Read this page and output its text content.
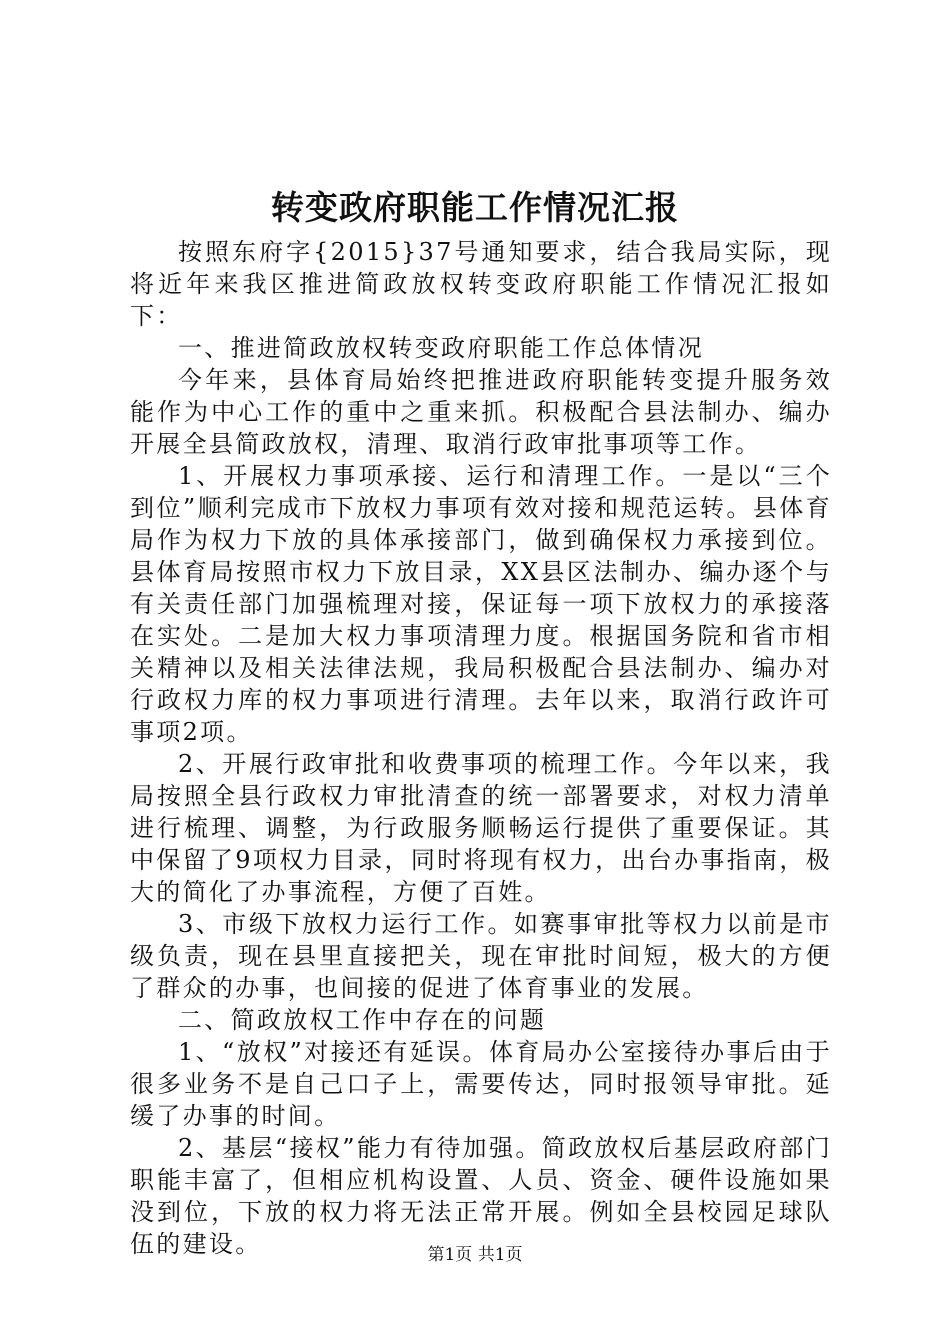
转变政府职能工作情况汇报

按照东府字{2015}37号通知要求，结合我局实际，现将近年来我区推进简政放权转变政府职能工作情况汇报如下：

一、推进简政放权转变政府职能工作总体情况

今年来，县体育局始终把推进政府职能转变提升服务效能作为中心工作的重中之重来抓。积极配合县法制办、编办开展全县简政放权，清理、取消行政审批事项等工作。

1、开展权力事项承接、运行和清理工作。一是以“三个到位”顺利完成市下放权力事项有效对接和规范运转。县体育局作为权力下放的具体承接部门，做到确保权力承接到位。县体育局按照市权力下放目录，XX县区法制办、编办逐个与有关责任部门加强梳理对接，保证每一项下放权力的承接落在实处。二是加大权力事项清理力度。根据国务院和省市相关精神以及相关法律法规，我局积极配合县法制办、编办对行政权力库的权力事项进行清理。去年以来，取消行政许可事项2项。

2、开展行政审批和收费事项的梳理工作。今年以来，我局按照全县行政权力审批清查的统一部署要求，对权力清单进行梳理、调整，为行政服务顺畅运行提供了重要保证。其中保留了9项权力目录，同时将现有权力，出台办事指南，极大的简化了办事流程，方便了百姓。

3、市级下放权力运行工作。如赛事审批等权力以前是市级负责，现在县里直接把关，现在审批时间短，极大的方便了群众的办事，也间接的促进了体育事业的发展。

二、简政放权工作中存在的问题

1、“放权”对接还有延误。体育局办公室接待办事后由于很多业务不是自己口子上，需要传达，同时报领导审批。延缓了办事的时间。

2、基层“接权”能力有待加强。简政放权后基层政府部门职能丰富了，但相应机构设置、人员、资金、硬件设施如果没到位，下放的权力将无法正常开展。例如全县校园足球队伍的建设。	第1页 共1页
